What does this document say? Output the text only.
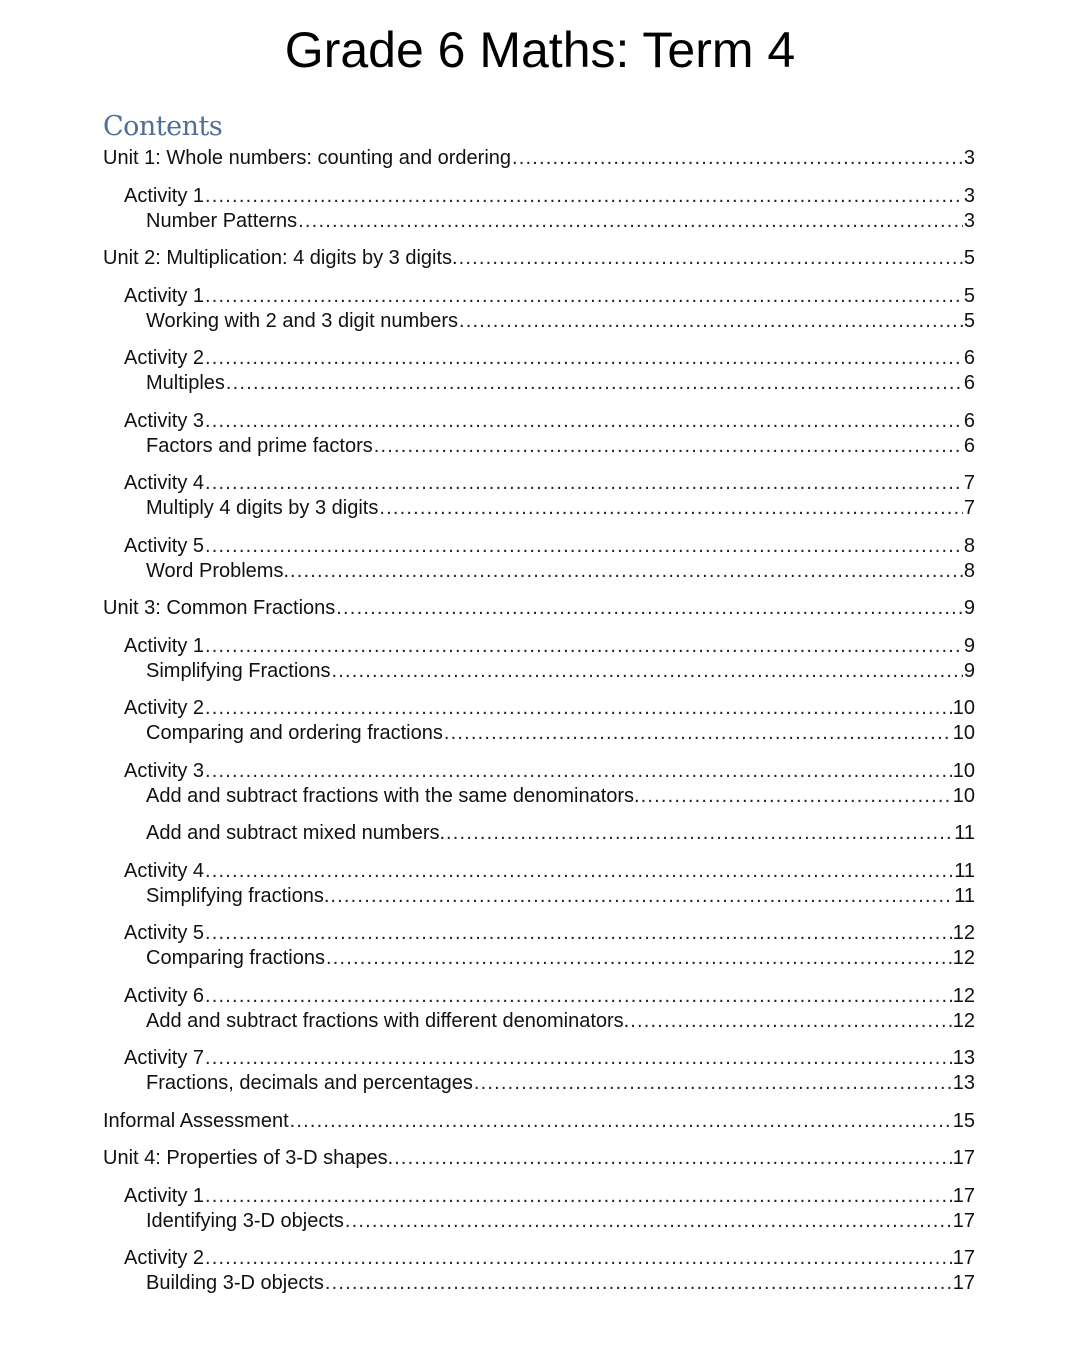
Grade 6 Maths: Term 4
Contents
Unit 1: Whole numbers: counting and ordering .....	3
Activity 1 .....	3
Number Patterns .....	3
Unit 2: Multiplication: 4 digits by 3 digits. .....	5
Activity 1 .....	5
Working with 2 and 3 digit numbers .....	5
Activity 2 .....	6
Multiples .....	6
Activity 3 .....	6
Factors and prime factors .....	6
Activity 4 .....	7
Multiply 4 digits by 3 digits .....	7
Activity 5 .....	8
Word Problems. .....	8
Unit 3: Common Fractions .....	9
Activity 1 .....	9
Simplifying Fractions .....	9
Activity 2 .....	10
Comparing and ordering fractions .....	10
Activity 3 .....	10
Add and subtract fractions with the same denominators. .....	10
Add and subtract mixed numbers. .....	11
Activity 4 .....	11
Simplifying fractions. .....	11
Activity 5 .....	12
Comparing fractions .....	12
Activity 6 .....	12
Add and subtract fractions with different denominators. .....	12
Activity 7 .....	13
Fractions, decimals and percentages .....	13
Informal Assessment .....	15
Unit 4: Properties of 3-D shapes. .....	17
Activity 1 .....	17
Identifying 3-D objects .....	17
Activity 2 .....	17
Building 3-D objects .....	17
